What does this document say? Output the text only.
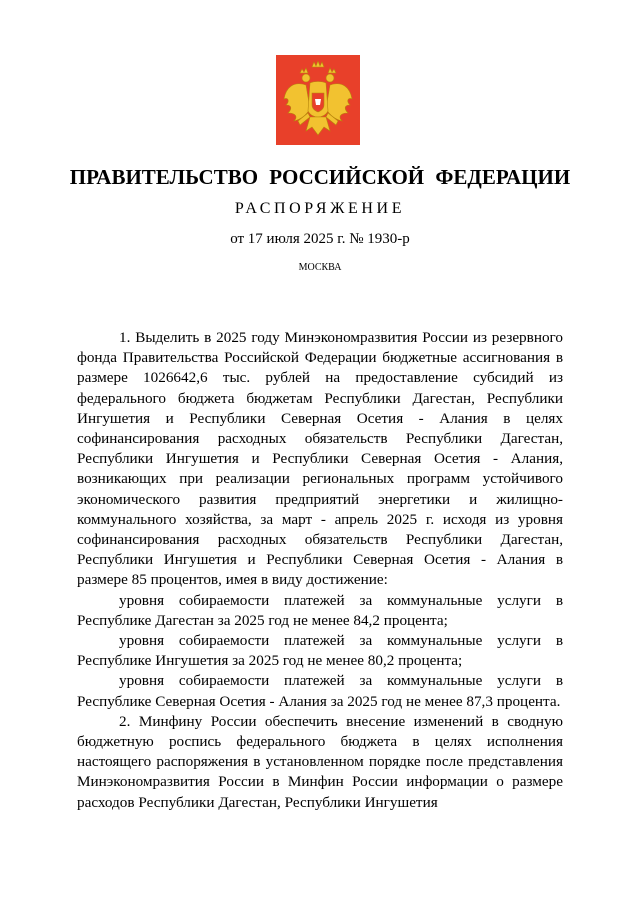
ПРАВИТЕЛЬСТВО РОССИЙСКОЙ ФЕДЕРАЦИИ
РАСПОРЯЖЕНИЕ
от 17 июля 2025 г. № 1930-р
МОСКВА

1. Выделить в 2025 году Минэкономразвития России из резервного фонда Правительства Российской Федерации бюджетные ассигнования в размере 1026642,6 тыс. рублей на предоставление субсидий из федерального бюджета бюджетам Республики Дагестан, Республики Ингушетия и Республики Северная Осетия - Алания в целях софинансирования расходных обязательств Республики Дагестан, Республики Ингушетия и Республики Северная Осетия - Алания, возникающих при реализации региональных программ устойчивого экономического развития предприятий энергетики и жилищно-коммунального хозяйства, за март - апрель 2025 г. исходя из уровня софинансирования расходных обязательств Республики Дагестан, Республики Ингушетия и Республики Северная Осетия - Алания в размере 85 процентов, имея в виду достижение:

уровня собираемости платежей за коммунальные услуги в Республике Дагестан за 2025 год не менее 84,2 процента;

уровня собираемости платежей за коммунальные услуги в Республике Ингушетия за 2025 год не менее 80,2 процента;

уровня собираемости платежей за коммунальные услуги в Республике Северная Осетия - Алания за 2025 год не менее 87,3 процента.

2. Минфину России обеспечить внесение изменений в сводную бюджетную роспись федерального бюджета в целях исполнения настоящего распоряжения в установленном порядке после представления Минэкономразвития России в Минфин России информации о размере расходов Республики Дагестан, Республики Ингушетия
